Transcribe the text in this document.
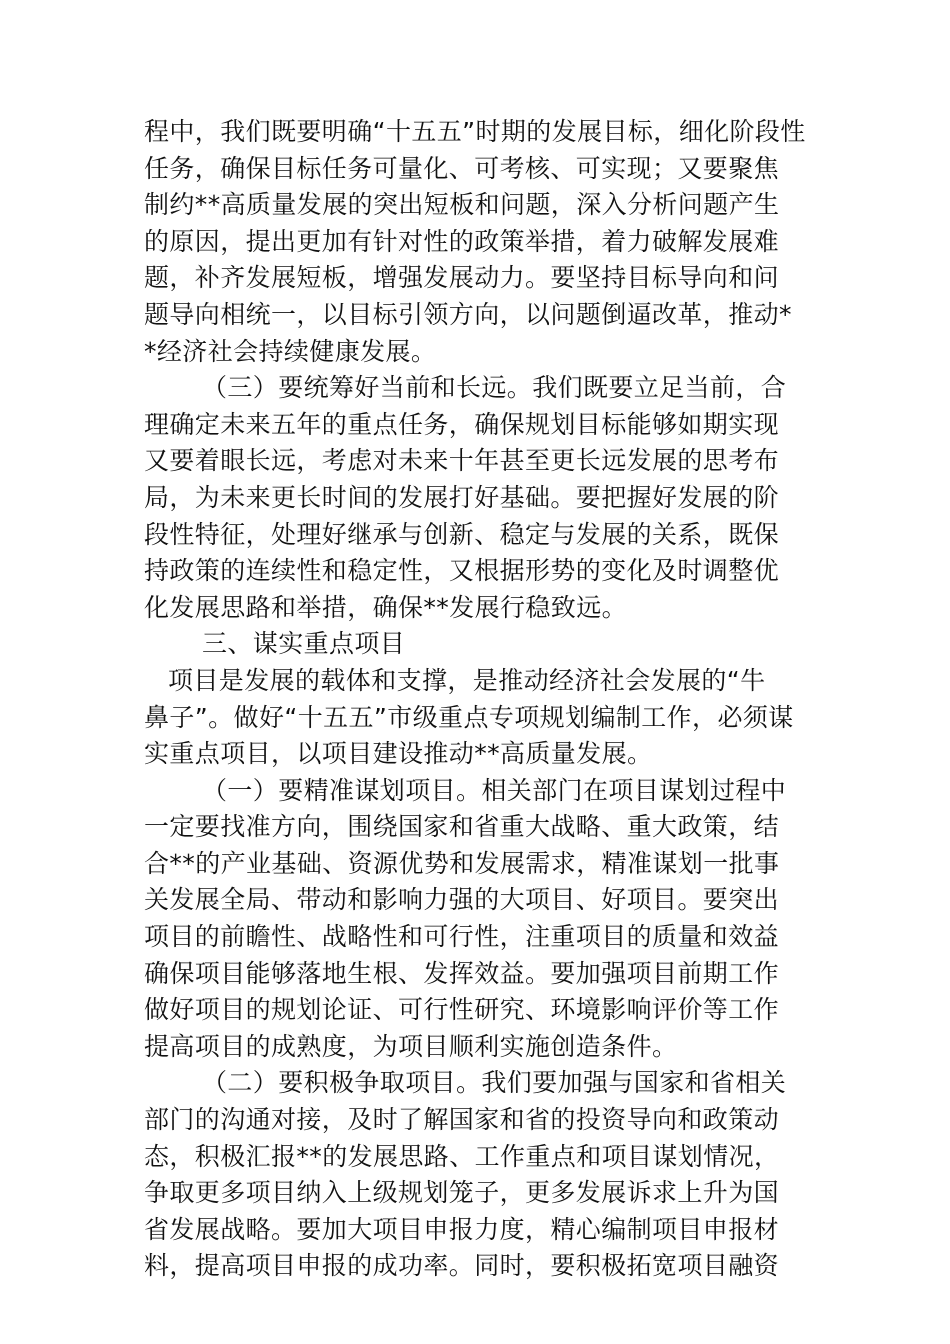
程中，我们既要明确“十五五”时期的发展目标，细化阶段性
任务，确保目标任务可量化、可考核、可实现；又要聚焦
制约**高质量发展的突出短板和问题，深入分析问题产生
的原因，提出更加有针对性的政策举措，着力破解发展难
题，补齐发展短板，增强发展动力。要坚持目标导向和问
题导向相统一，以目标引领方向，以问题倒逼改革，推动*
*经济社会持续健康发展。
（三）要统筹好当前和长远。我们既要立足当前，合
理确定未来五年的重点任务，确保规划目标能够如期实现
又要着眼长远，考虑对未来十年甚至更长远发展的思考布
局，为未来更长时间的发展打好基础。要把握好发展的阶
段性特征，处理好继承与创新、稳定与发展的关系，既保
持政策的连续性和稳定性，又根据形势的变化及时调整优
化发展思路和举措，确保**发展行稳致远。
三、谋实重点项目
项目是发展的载体和支撑，是推动经济社会发展的“牛
鼻子”。做好“十五五”市级重点专项规划编制工作，必须谋
实重点项目，以项目建设推动**高质量发展。
（一）要精准谋划项目。相关部门在项目谋划过程中
一定要找准方向，围绕国家和省重大战略、重大政策，结
合**的产业基础、资源优势和发展需求，精准谋划一批事
关发展全局、带动和影响力强的大项目、好项目。要突出
项目的前瞻性、战略性和可行性，注重项目的质量和效益
确保项目能够落地生根、发挥效益。要加强项目前期工作
做好项目的规划论证、可行性研究、环境影响评价等工作
提高项目的成熟度，为项目顺利实施创造条件。
（二）要积极争取项目。我们要加强与国家和省相关
部门的沟通对接，及时了解国家和省的投资导向和政策动
态，积极汇报**的发展思路、工作重点和项目谋划情况，
争取更多项目纳入上级规划笼子，更多发展诉求上升为国
省发展战略。要加大项目申报力度，精心编制项目申报材
料，提高项目申报的成功率。同时，要积极拓宽项目融资
